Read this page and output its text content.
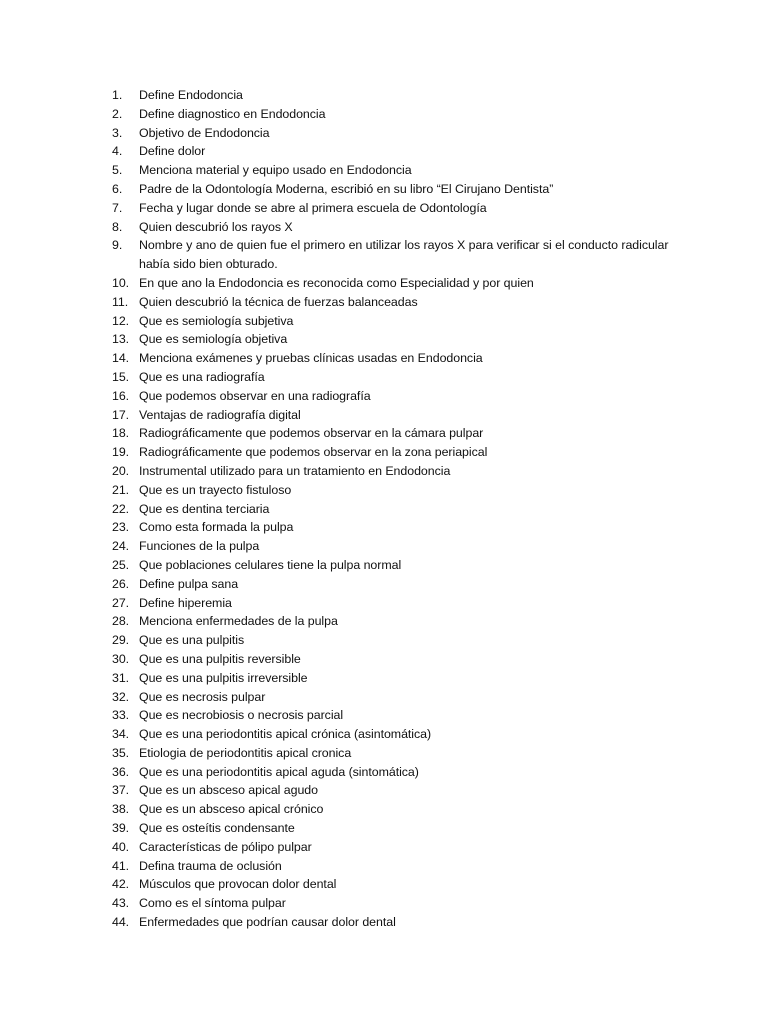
1.	Define Endodoncia
2.	Define diagnostico en Endodoncia
3.	Objetivo de Endodoncia
4.	Define dolor
5.	Menciona material y equipo usado en Endodoncia
6.	Padre de la Odontología Moderna, escribió en su libro “El Cirujano Dentista”
7.	Fecha y lugar donde se abre al primera escuela de Odontología
8.	Quien descubrió los rayos X
9.	Nombre y ano de quien fue el primero en utilizar los rayos X para verificar si el conducto radicular había sido bien obturado.
10. En que ano la Endodoncia es reconocida como Especialidad y por quien
11. Quien descubrió la técnica de fuerzas balanceadas
12. Que es semiología subjetiva
13. Que es semiología objetiva
14. Menciona exámenes y pruebas clínicas usadas en Endodoncia
15. Que es una radiografía
16. Que podemos observar en una radiografía
17. Ventajas de radiografía digital
18. Radiográficamente que podemos observar en la cámara pulpar
19. Radiográficamente que podemos observar en la zona periapical
20. Instrumental utilizado para un tratamiento en Endodoncia
21. Que es un trayecto fistuloso
22. Que es dentina terciaria
23. Como esta formada la pulpa
24. Funciones de la pulpa
25. Que poblaciones celulares tiene la pulpa normal
26. Define pulpa sana
27. Define hiperemia
28. Menciona enfermedades de la pulpa
29. Que es una pulpitis
30. Que es una pulpitis reversible
31. Que es una pulpitis irreversible
32. Que es necrosis pulpar
33. Que es necrobiosis o necrosis parcial
34. Que es una periodontitis apical crónica (asintomática)
35. Etiologia de periodontitis apical cronica
36. Que es una periodontitis apical aguda (sintomática)
37. Que es un absceso apical agudo
38. Que es un absceso apical crónico
39. Que es osteítis condensante
40. Características de pólipo pulpar
41. Defina trauma de oclusión
42. Músculos que provocan dolor dental
43. Como es el síntoma pulpar
44. Enfermedades que podrían causar dolor dental
